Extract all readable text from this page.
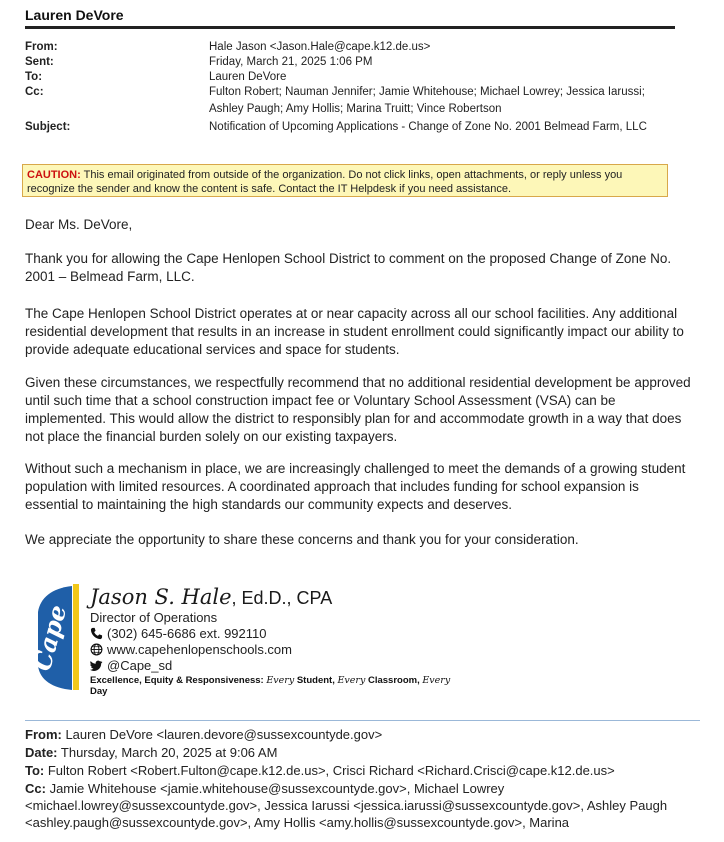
Lauren DeVore
From:	Hale Jason <Jason.Hale@cape.k12.de.us>
Sent:	Friday, March 21, 2025 1:06 PM
To:	Lauren DeVore
Cc:	Fulton Robert; Nauman Jennifer; Jamie Whitehouse; Michael Lowrey; Jessica Iarussi; Ashley Paugh; Amy Hollis; Marina Truitt; Vince Robertson
Subject:	Notification of Upcoming Applications - Change of Zone No. 2001 Belmead Farm, LLC
CAUTION: This email originated from outside of the organization. Do not click links, open attachments, or reply unless you recognize the sender and know the content is safe. Contact the IT Helpdesk if you need assistance.
Dear Ms. DeVore,
Thank you for allowing the Cape Henlopen School District to comment on the proposed Change of Zone No. 2001 – Belmead Farm, LLC.
The Cape Henlopen School District operates at or near capacity across all our school facilities. Any additional residential development that results in an increase in student enrollment could significantly impact our ability to provide adequate educational services and space for students.
Given these circumstances, we respectfully recommend that no additional residential development be approved until such time that a school construction impact fee or Voluntary School Assessment (VSA) can be implemented. This would allow the district to responsibly plan for and accommodate growth in a way that does not place the financial burden solely on our existing taxpayers.
Without such a mechanism in place, we are increasingly challenged to meet the demands of a growing student population with limited resources. A coordinated approach that includes funding for school expansion is essential to maintaining the high standards our community expects and deserves.
We appreciate the opportunity to share these concerns and thank you for your consideration.
Cape
Jason S. Hale, Ed.D., CPA
Director of Operations
(302) 645-6686 ext. 992110
www.capehenlopenschools.com
@Cape_sd
Excellence, Equity & Responsiveness: Every Student, Every Classroom, Every Day
From: Lauren DeVore <lauren.devore@sussexcountyde.gov>
Date: Thursday, March 20, 2025 at 9:06 AM
To: Fulton Robert <Robert.Fulton@cape.k12.de.us>, Crisci Richard <Richard.Crisci@cape.k12.de.us>
Cc: Jamie Whitehouse <jamie.whitehouse@sussexcountyde.gov>, Michael Lowrey <michael.lowrey@sussexcountyde.gov>, Jessica Iarussi <jessica.iarussi@sussexcountyde.gov>, Ashley Paugh <ashley.paugh@sussexcountyde.gov>, Amy Hollis <amy.hollis@sussexcountyde.gov>, Marina
